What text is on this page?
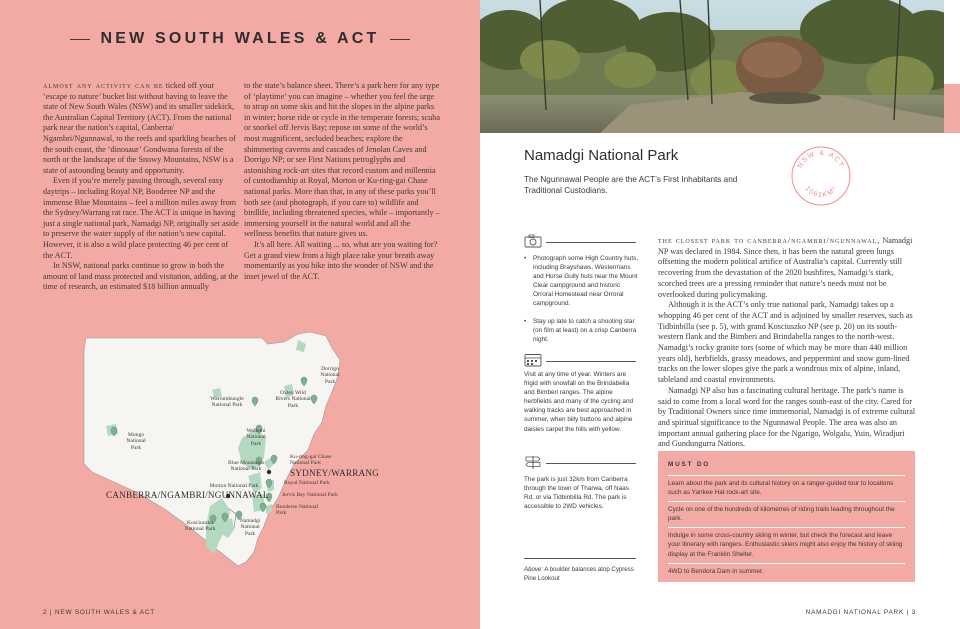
NEW SOUTH WALES & ACT

almost any activity can be ticked off your ‘escape to nature’ bucket list without having to leave the state of New South Wales (NSW) and its smaller sidekick, the Australian Capital Territory (ACT). From the national park near the nation’s capital, Canberra/ Ngambri/Ngunnawal, to the reefs and sparkling beaches of the south coast, the ‘dinosaur’ Gondwana forests of the north or the landscape of the Snowy Mountains, NSW is a state of astounding beauty and opportunity.

Even if you’re merely passing through, several easy daytrips – including Royal NP, Booderee NP and the immense Blue Mountains – feel a million miles away from the Sydney/Warrang rat race. The ACT is unique in having just a single national park, Namadgi NP, originally set aside to preserve the water supply of the nation’s new capital. However, it is also a wild place protecting 46 per cent of the ACT.

In NSW, national parks continue to grow in both the amount of land mass protected and visitation, adding, at the time of research, an estimated $18 billion annually

to the state’s balance sheet. There’s a park here for any type of ‘playtime’ you can imagine – whether you feel the urge to strap on some skis and hit the slopes in the alpine parks in winter; horse ride or cycle in the temperate forests; scuba or snorkel off Jervis Bay; repose on some of the world’s most magnificent, secluded beaches; explore the shimmering caverns and cascades of Jenolan Caves and Dorrigo NP; or see First Nations petroglyphs and astonishing rock-art sites that record custom and millennia of custodianship at Royal, Morton or Ku-ring-gai Chase national parks. More than that, in any of these parks you’ll both see (and photograph, if you care to) wildlife and birdlife, including threatened species, while – importantly – immersing yourself in the natural world and all the wellness benefits that nature gives us.

It’s all here. All waiting ... so, what are you waiting for? Get a grand view from a high place take your breath away momentarily as you hike into the wonder of NSW and the inset jewel of the ACT.

Dorrigo National Park
Oxley Wild Rivers National Park
Warrumbungle National Park
Mungo National Park
Wollemi National Park
Blue Mountains National Park
Ku-ring-gai Chase National Park
SYDNEY/WARRANG
Royal National Park
Morton National Park
CANBERRA/NGAMBRI/NGUNNAWAL Jervis Bay National Park
Booderee National Park
Kosciuszko National Park
Namadgi National Park
2 | NEW SOUTH WALES & ACT
Namadgi National Park
The Ngunnawal People are the ACT’s First Inhabitants and Traditional Custodians.
NSW & ACT
1061KM²
• Photograph some High Country huts, including Brayshaws, Westermans and Horse Gully huts near the Mount Clear campground and historic Orroral Homestead near Orroral campground.
• Stay up late to catch a shooting star (on film at least) on a crisp Canberra night.
Visit at any time of year. Winters are frigid with snowfall on the Brindabella and Bimberi ranges. The alpine herbfields and many of the cycling and walking tracks are best approached in summer, when billy buttons and alpine daisies carpet the hills with yellow.
The park is just 32km from Canberra through the town of Tharwa, off Naas Rd, or via Tidbinbilla Rd. The park is accessible to 2WD vehicles.
Above: A boulder balances atop Cypress Pine Lookout

the closest park to canberra/ngambri/ngunnawal, Namadgi NP was declared in 1984. Since then, it has been the natural green lungs offsetting the modern political artifice of Australia’s capital. Currently still recovering from the devastation of the 2020 bushfires, Namadgi’s stark, scorched trees are a pressing reminder that nature’s needs must not be overlooked during policymaking.

Although it is the ACT’s only true national park, Namadgi takes up a whopping 46 per cent of the ACT and is adjoined by smaller reserves, such as Tidbinbilla (see p. 5), with grand Kosciuszko NP (see p. 20) on its south-western flank and the Bimberi and Brindabella ranges to the north-west. Namadgi’s rocky granite tors (some of which may be more than 440 million years old), herbfields, grassy meadows, and peppermint and snow gum-lined tracks on the lower slopes give the park a wondrous mix of alpine, inland, tableland and coastal environments.

Namadgi NP also has a fascinating cultural heritage. The park’s name is said to come from a local word for the ranges south-east of the city. Cared for by Traditional Owners since time immemorial, Namadgi is of extreme cultural and spiritual significance to the Ngunnawal People. The area was also an important annual gathering place for the Ngarigo, Wolgalu, Yuin, Wiradjuri and Gundungurra Nations.

MUST DO
Learn about the park and its cultural history on a ranger-guided tour to locations such as Yankee Hat rock-art site.
Cycle on one of the hundreds of kilometres of riding trails leading throughout the park.
Indulge in some cross-country skiing in winter, but check the forecast and leave your itinerary with rangers. Enthusiastic skiers might also enjoy the history of skiing display at the Franklin Shelter.
4WD to Bendora Dam in summer.
NAMADGI NATIONAL PARK | 3
